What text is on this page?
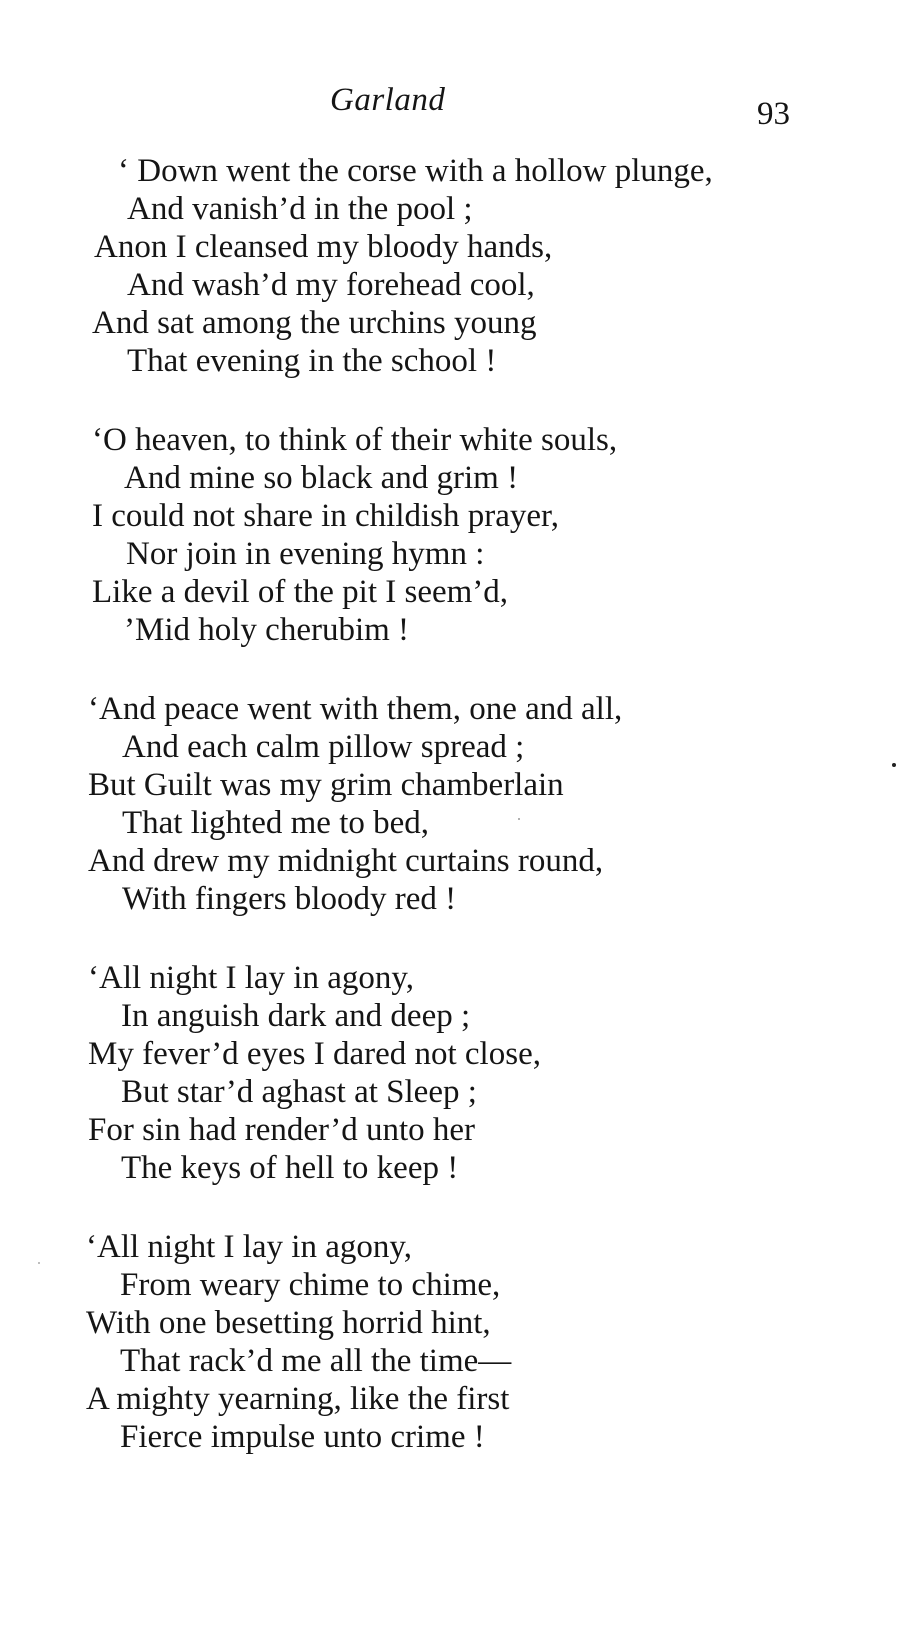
Garland	93
‘ Down went the corse with a hollow plunge,
And vanish’d in the pool ;
Anon I cleansed my bloody hands,
And wash’d my forehead cool,
And sat among the urchins young
That evening in the school !
‘O heaven, to think of their white souls,
And mine so black and grim !
I could not share in childish prayer,
Nor join in evening hymn :
Like a devil of the pit I seem’d,
’Mid holy cherubim !
‘And peace went with them, one and all,
And each calm pillow spread ;
But Guilt was my grim chamberlain
That lighted me to bed,
And drew my midnight curtains round,
With fingers bloody red !
‘All night I lay in agony,
In anguish dark and deep ;
My fever’d eyes I dared not close,
But star’d aghast at Sleep ;
For sin had render’d unto her
The keys of hell to keep !
‘All night I lay in agony,
From weary chime to chime,
With one besetting horrid hint,
That rack’d me all the time—
A mighty yearning, like the first
Fierce impulse unto crime !
